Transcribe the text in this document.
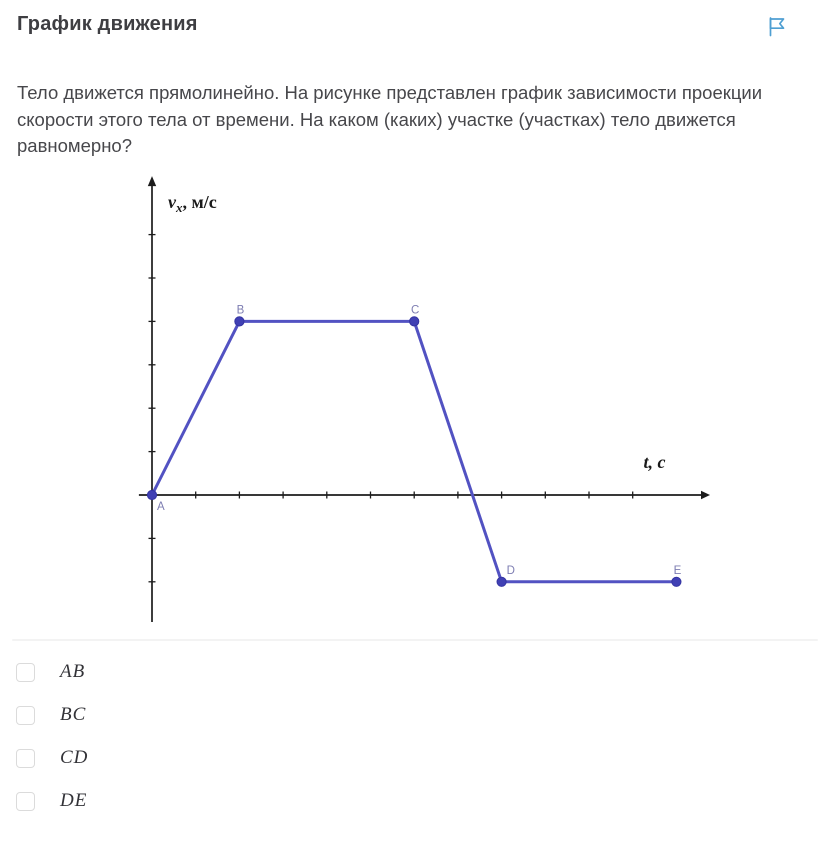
График движения
Тело движется прямолинейно. На рисунке представлен график зависимости проекции
скорости этого тела от времени. На каком (каких) участке (участках) тело движется
равномерно?
$v_x$, м/с
t, c
A
B	C
D	E
AB
BC
CD
DE
